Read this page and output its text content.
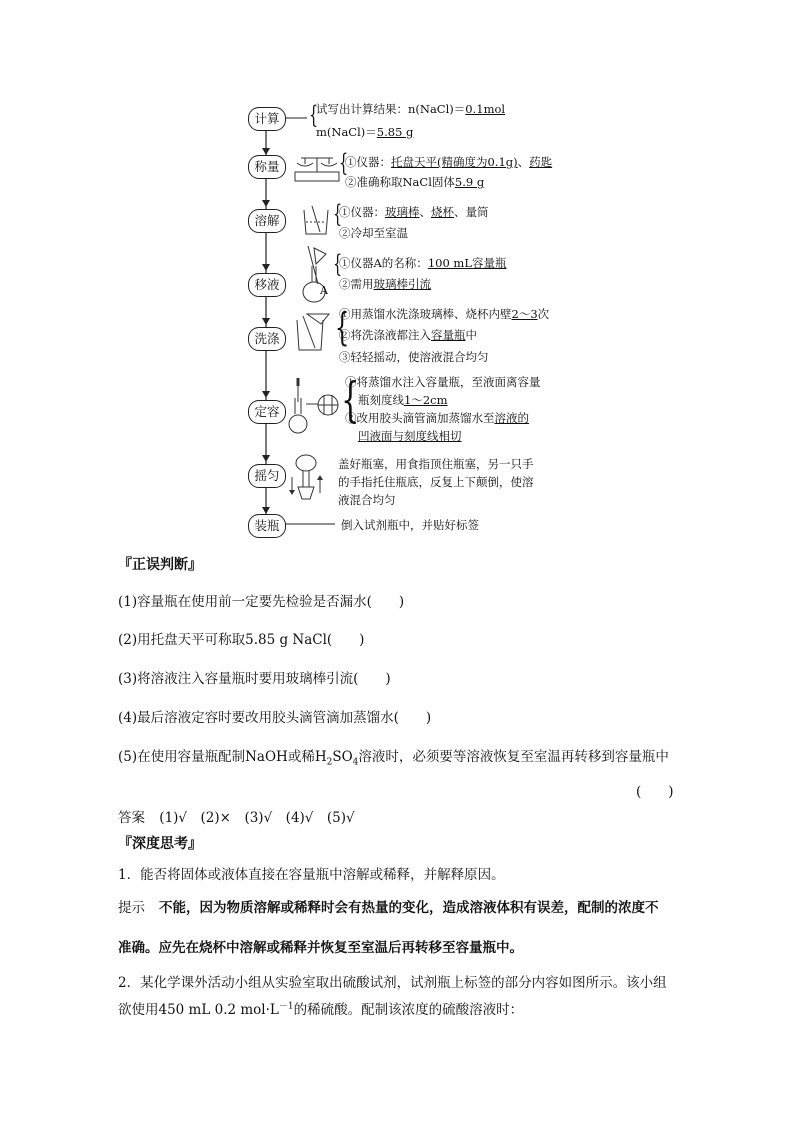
计算
称量
溶解
移液
洗涤
定容
摇匀
装瓶
A
{
{
{
{
{
{
试写出计算结果：n(NaCl)＝0.1mol
m(NaCl)＝5.85 g
①仪器：托盘天平(精确度为0.1g)、药匙
②准确称取NaCl固体5.9 g
①仪器：玻璃棒、烧杯、量筒
②冷却至室温
①仪器A的名称：100 mL容量瓶
②需用玻璃棒引流
①用蒸馏水洗涤玻璃棒、烧杯内壁2～3次
②将洗涤液都注入容量瓶中
③轻轻摇动，使溶液混合均匀
①将蒸馏水注入容量瓶，至液面离容量
瓶刻度线1～2cm
②改用胶头滴管滴加蒸馏水至溶液的
凹液面与刻度线相切
盖好瓶塞，用食指顶住瓶塞，另一只手
的手指托住瓶底，反复上下颠倒，使溶
液混合均匀
倒入试剂瓶中，并贴好标签
『正误判断』
(1)容量瓶在使用前一定要先检验是否漏水(　　)
(2)用托盘天平可称取5.85 g NaCl(　　)
(3)将溶液注入容量瓶时要用玻璃棒引流(　　)
(4)最后溶液定容时要改用胶头滴管滴加蒸馏水(　　)
(5)在使用容量瓶配制NaOH或稀$H_2SO_4$溶液时，必须要等溶液恢复至室温再转移到容量瓶中
(　　)
答案 (1)√　(2)×　(3)√　(4)√　(5)√
『深度思考』
1．能否将固体或液体直接在容量瓶中溶解或稀释，并解释原因。
提示 不能，因为物质溶解或稀释时会有热量的变化，造成溶液体积有误差，配制的浓度不
准确。应先在烧杯中溶解或稀释并恢复至室温后再转移至容量瓶中。
2．某化学课外活动小组从实验室取出硫酸试剂，试剂瓶上标签的部分内容如图所示。该小组
欲使用450 mL 0.2 $mol\cdot L^{-1}$的稀硫酸。配制该浓度的硫酸溶液时：
